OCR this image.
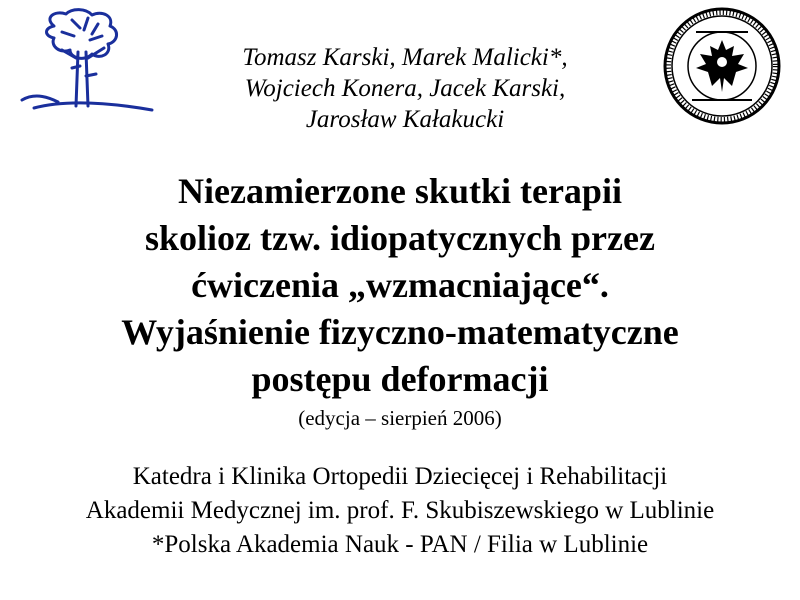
Tomasz Karski, Marek Malicki*,
Wojciech Konera, Jacek Karski,
Jarosław Kałakucki
Niezamierzone skutki terapii
skolioz tzw. idiopatycznych przez
ćwiczenia „wzmacniające“.
Wyjaśnienie fizyczno-matematyczne
postępu deformacji
(edycja – sierpień 2006)
Katedra i Klinika Ortopedii Dziecięcej i Rehabilitacji
Akademii Medycznej im. prof. F. Skubiszewskiego w Lublinie
*Polska Akademia Nauk - PAN / Filia w Lublinie
